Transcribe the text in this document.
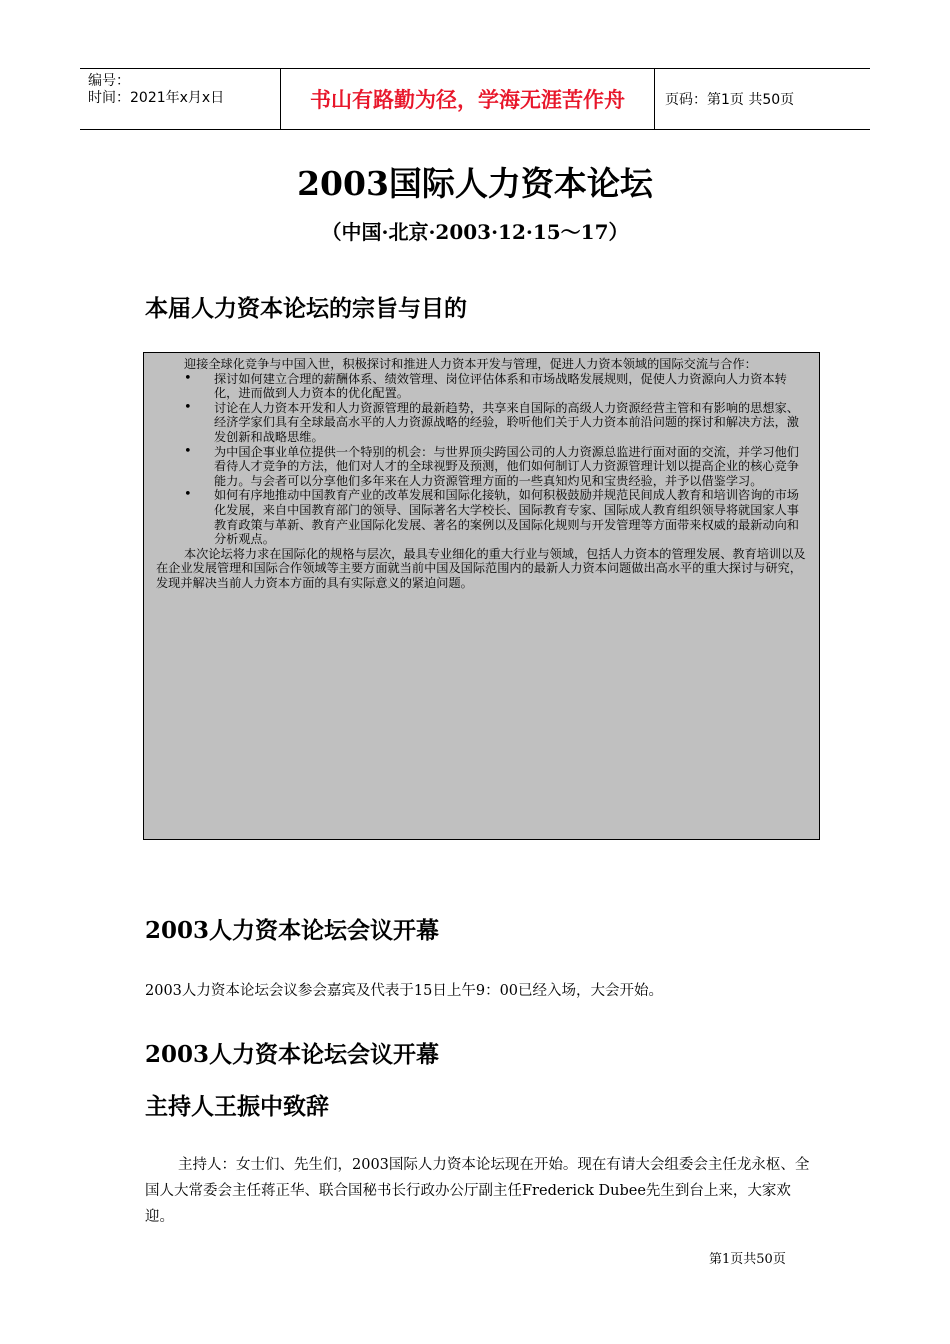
编号：
时间：2021年x月x日	书山有路勤为径，学海无涯苦作舟	页码：第1页 共50页
2003国际人力资本论坛
（中国·北京·2003·12·15～17）
本届人力资本论坛的宗旨与目的

迎接全球化竞争与中国入世，积极探讨和推进人力资本开发与管理，促进人力资本领域的国际交流与合作：

• 探讨如何建立合理的薪酬体系、绩效管理、岗位评估体系和市场战略发展规则，促使人力资源向人力资本转化，进而做到人力资本的优化配置。
• 讨论在人力资本开发和人力资源管理的最新趋势，共享来自国际的高级人力资源经营主管和有影响的思想家、经济学家们具有全球最高水平的人力资源战略的经验，聆听他们关于人力资本前沿问题的探讨和解决方法，激发创新和战略思维。
• 为中国企事业单位提供一个特别的机会：与世界顶尖跨国公司的人力资源总监进行面对面的交流，并学习他们看待人才竞争的方法，他们对人才的全球视野及预测，他们如何制订人力资源管理计划以提高企业的核心竞争能力。与会者可以分享他们多年来在人力资源管理方面的一些真知灼见和宝贵经验，并予以借鉴学习。
• 如何有序地推动中国教育产业的改革发展和国际化接轨，如何积极鼓励并规范民间成人教育和培训咨询的市场化发展，来自中国教育部门的领导、国际著名大学校长、国际教育专家、国际成人教育组织领导将就国家人事教育政策与革新、教育产业国际化发展、著名的案例以及国际化规则与开发管理等方面带来权威的最新动向和分析观点。

本次论坛将力求在国际化的规格与层次，最具专业细化的重大行业与领域，包括人力资本的管理发展、教育培训以及在企业发展管理和国际合作领域等主要方面就当前中国及国际范围内的最新人力资本问题做出高水平的重大探讨与研究，发现并解决当前人力资本方面的具有实际意义的紧迫问题。

2003人力资本论坛会议开幕
2003人力资本论坛会议参会嘉宾及代表于15日上午9：00已经入场，大会开始。
2003人力资本论坛会议开幕
主持人王振中致辞
主持人：女士们、先生们，2003国际人力资本论坛现在开始。现在有请大会组委会主任龙永枢、全国人大常委会主任蒋正华、联合国秘书长行政办公厅副主任Frederick Dubee先生到台上来，大家欢迎。
第1页共50页
